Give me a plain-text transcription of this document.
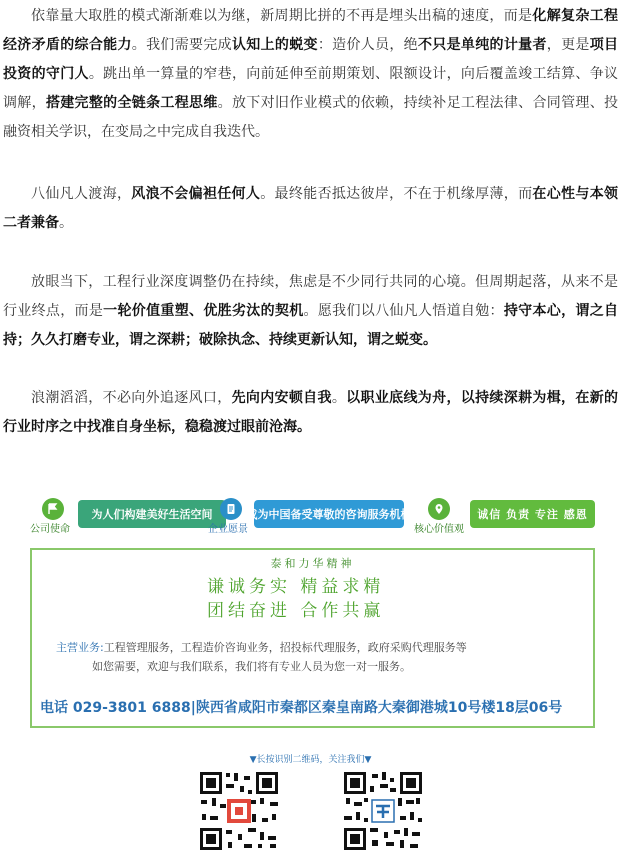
依靠量大取胜的模式渐渐难以为继，新周期比拼的不再是埋头出稿的速度，而是化解复杂工程经济矛盾的综合能力。我们需要完成认知上的蜕变：造价人员，绝不只是单纯的计量者，更是项目投资的守门人。跳出单一算量的窄巷，向前延伸至前期策划、限额设计，向后覆盖竣工结算、争议调解，搭建完整的全链条工程思维。放下对旧作业模式的依赖，持续补足工程法律、合同管理、投融资相关学识，在变局之中完成自我迭代。

八仙凡人渡海，风浪不会偏袒任何人。最终能否抵达彼岸，不在于机缘厚薄，而在心性与本领二者兼备。

放眼当下，工程行业深度调整仍在持续，焦虑是不少同行共同的心境。但周期起落，从来不是行业终点，而是一轮价值重塑、优胜劣汰的契机。愿我们以八仙凡人悟道自勉：持守本心，谓之自持；久久打磨专业，谓之深耕；破除执念、持续更新认知，谓之蜕变。

浪潮滔滔，不必向外追逐风口，先向内安顿自我。以职业底线为舟，以持续深耕为楫，在新的行业时序之中找准自身坐标，稳稳渡过眼前沧海。

公司使命
为人们构建美好生活空间
企业愿景
成为中国备受尊敬的咨询服务机构
核心价值观
诚信 负责 专注 感恩
泰和力华精神
谦诚务实 精益求精
团结奋进 合作共赢
主营业务:工程管理服务，工程造价咨询业务，招投标代理服务，政府采购代理服务等
如您需要，欢迎与我们联系，我们将有专业人员为您一对一服务。
电话 029-3801 6888|陕西省咸阳市秦都区秦皇南路大秦御港城10号楼18层06号
▼长按识别二维码，关注我们▼
